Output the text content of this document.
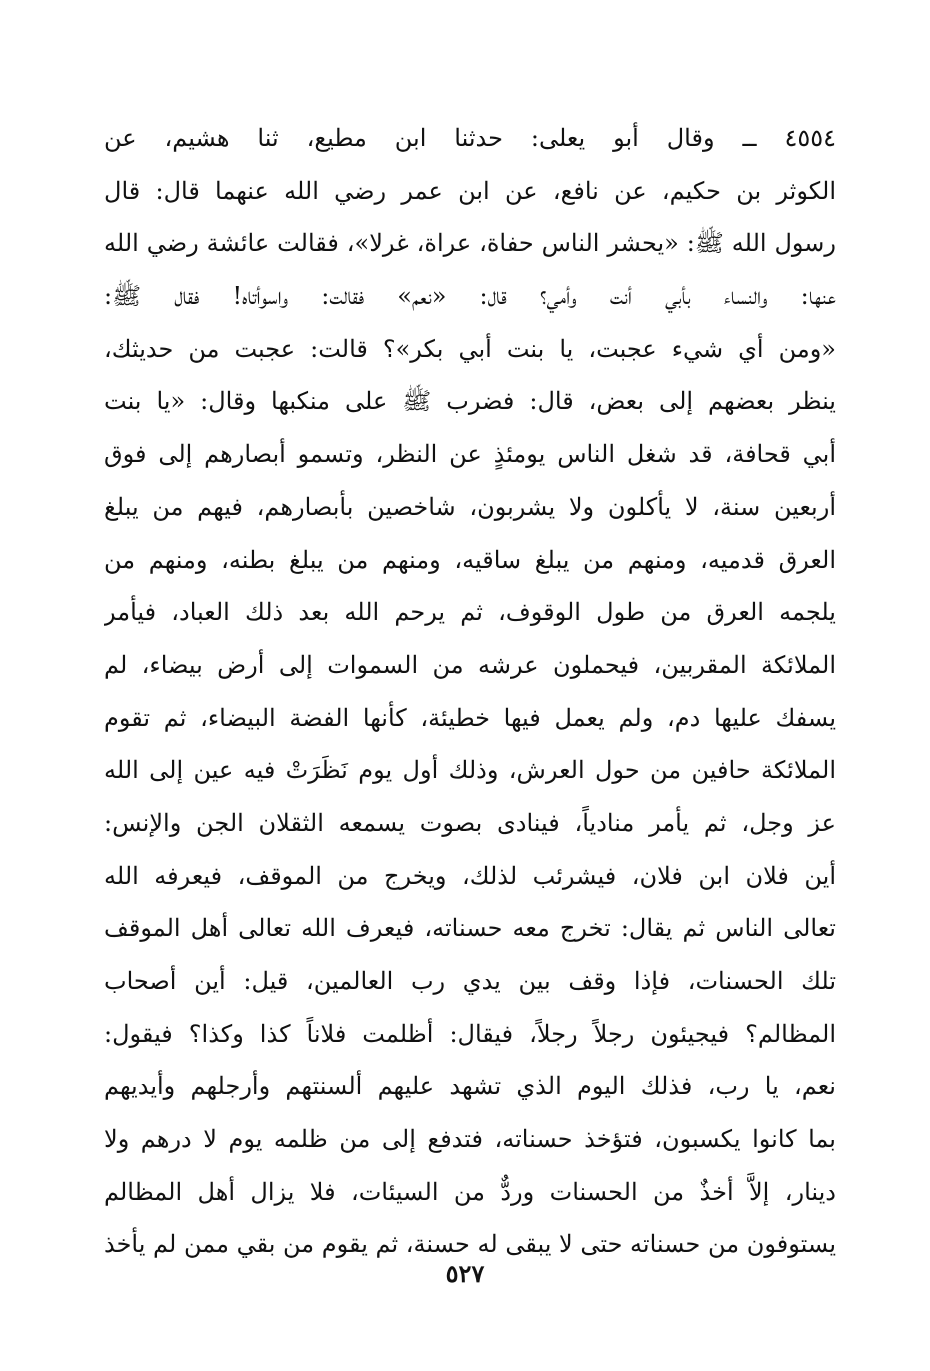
٤٥٥٤ ــ وقال أبو يعلى: حدثنا ابن مطيع، ثنا هشيم، عن
الكوثر بن حكيم، عن نافع، عن ابن عمر رضي الله عنهما قال: قال
رسول الله ﷺ: «يحشر الناس حفاة، عراة، غرلا»، فقالت عائشة رضي الله
عنها: والنساء بأبي أنت وأمي؟ قال: «نعم» فقالت: واسوأتاه! فقال ﷺ:
«ومن أي شيء عجبت، يا بنت أبي بكر»؟ قالت: عجبت من حديثك،
ينظر بعضهم إلى بعض، قال: فضرب ﷺ على منكبها وقال: «يا بنت
أبي قحافة، قد شغل الناس يومئذٍ عن النظر، وتسمو أبصارهم إلى فوق
أربعين سنة، لا يأكلون ولا يشربون، شاخصين بأبصارهم، فيهم من يبلغ
العرق قدميه، ومنهم من يبلغ ساقيه، ومنهم من يبلغ بطنه، ومنهم من
يلجمه العرق من طول الوقوف، ثم يرحم الله بعد ذلك العباد، فيأمر
الملائكة المقربين، فيحملون عرشه من السموات إلى أرض بيضاء، لم
يسفك عليها دم، ولم يعمل فيها خطيئة، كأنها الفضة البيضاء، ثم تقوم
الملائكة حافين من حول العرش، وذلك أول يوم نَظَرَتْ فيه عين إلى الله
عز وجل، ثم يأمر منادياً، فينادى بصوت يسمعه الثقلان الجن والإنس:
أين فلان ابن فلان، فيشرئب لذلك، ويخرج من الموقف، فيعرفه الله
تعالى الناس ثم يقال: تخرج معه حسناته، فيعرف الله تعالى أهل الموقف
تلك الحسنات، فإذا وقف بين يدي رب العالمين، قيل: أين أصحاب
المظالم؟ فيجيئون رجلاً رجلاً، فيقال: أظلمت فلاناً كذا وكذا؟ فيقول:
نعم، يا رب، فذلك اليوم الذي تشهد عليهم ألسنتهم وأرجلهم وأيديهم
بما كانوا يكسبون، فتؤخذ حسناته، فتدفع إلى من ظلمه يوم لا درهم ولا
دينار، إلاَّ أخذٌ من الحسنات وردٌّ من السيئات، فلا يزال أهل المظالم
يستوفون من حسناته حتى لا يبقى له حسنة، ثم يقوم من بقي ممن لم يأخذ
٥٢٧
